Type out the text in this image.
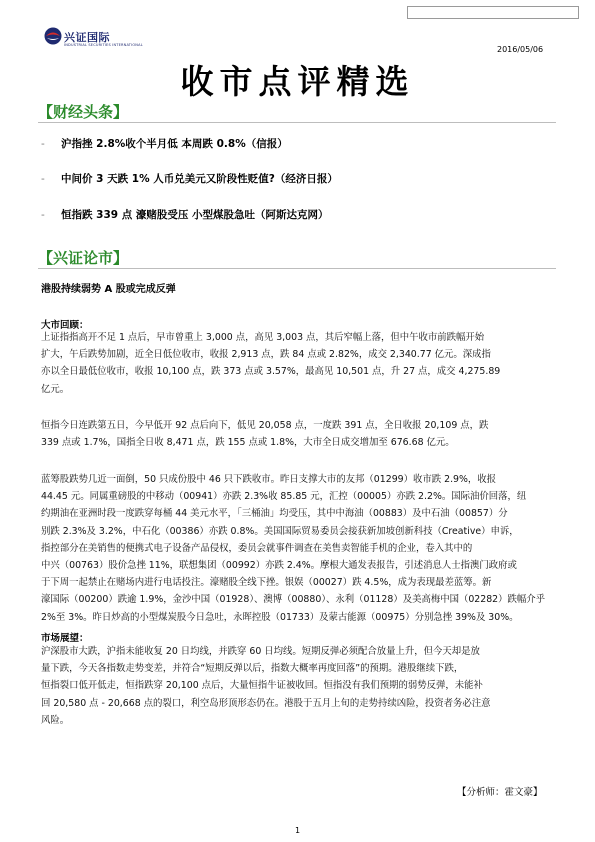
兴证国际
INDUSTRIAL SECURITIES INTERNATIONAL	2016/05/06
收市点评精选
【财经头条】
- 沪指挫 2.8%收个半月低 本周跌 0.8%（信报）
- 中间价 3 天跌 1% 人币兑美元又阶段性贬值?（经济日报）
- 恒指跌 339 点 濠赌股受压 小型煤股急吐（阿斯达克网）
【兴证论市】
港股持续弱势 A 股或完成反弹
大市回顾：
上证指指高开不足 1 点后，早市曾重上 3,000 点，高见 3,003 点，其后窄幅上落，但中午收市前跌幅开始
扩大，午后跌势加剧，近全日低位收市，收报 2,913 点，跌 84 点或 2.82%，成交 2,340.77 亿元。深成指
亦以全日最低位收市，收报 10,100 点，跌 373 点或 3.57%，最高见 10,501 点，升 27 点，成交 4,275.89
亿元。
恒指今日连跌第五日，今早低开 92 点后向下，低见 20,058 点，一度跌 391 点，全日收报 20,109 点，跌
339 点或 1.7%，国指全日收 8,471 点，跌 155 点或 1.8%，大市全日成交增加至 676.68 亿元。
蓝筹股跌势几近一面倒，50 只成份股中 46 只下跌收市。昨日支撑大市的友邦（01299）收市跌 2.9%，收报
44.45 元。同属重磅股的中移动（00941）亦跌 2.3%收 85.85 元，汇控（00005）亦跌 2.2%。国际油价回落，纽
约期油在亚洲时段一度跌穿每桶 44 美元水平，「三桶油」均受压，其中中海油（00883）及中石油（00857）分
别跌 2.3%及 3.2%，中石化（00386）亦跌 0.8%。美国国际贸易委员会接获新加坡创新科技（Creative）申诉，
指控部分在美销售的便携式电子设备产品侵权，委员会就事件调查在美售卖智能手机的企业，卷入其中的
中兴（00763）股价急挫 11%，联想集团（00992）亦跌 2.4%。摩根大通发表报告，引述消息人士指澳门政府或
于下周一起禁止在赌场内进行电话投注。濠赌股全线下挫。银娱（00027）跌 4.5%，成为表现最差蓝筹。新
濠国际（00200）跌逾 1.9%，金沙中国（01928）、澳博（00880）、永利（01128）及美高梅中国（02282）跌幅介乎
2%至 3%。昨日炒高的小型煤炭股今日急吐，永晖控股（01733）及蒙古能源（00975）分别急挫 39%及 30%。
市场展望：
沪深股市大跌，沪指未能收复 20 日均线，并跌穿 60 日均线。短期反弹必须配合放量上升，但今天却是放
量下跌，今天各指数走势变差，并符合“短期反弹以后，指数大概率再度回落”的预期。港股继续下跌，
恒指裂口低开低走，恒指跌穿 20,100 点后，大量恒指牛证被收回。恒指没有我们预期的弱势反弹，未能补
回 20,580 点 - 20,668 点的裂口，利空岛形顶形态仍在。港股于五月上旬的走势持续凶险，投资者务必注意
风险。
【分析师：霍文豪】
1
